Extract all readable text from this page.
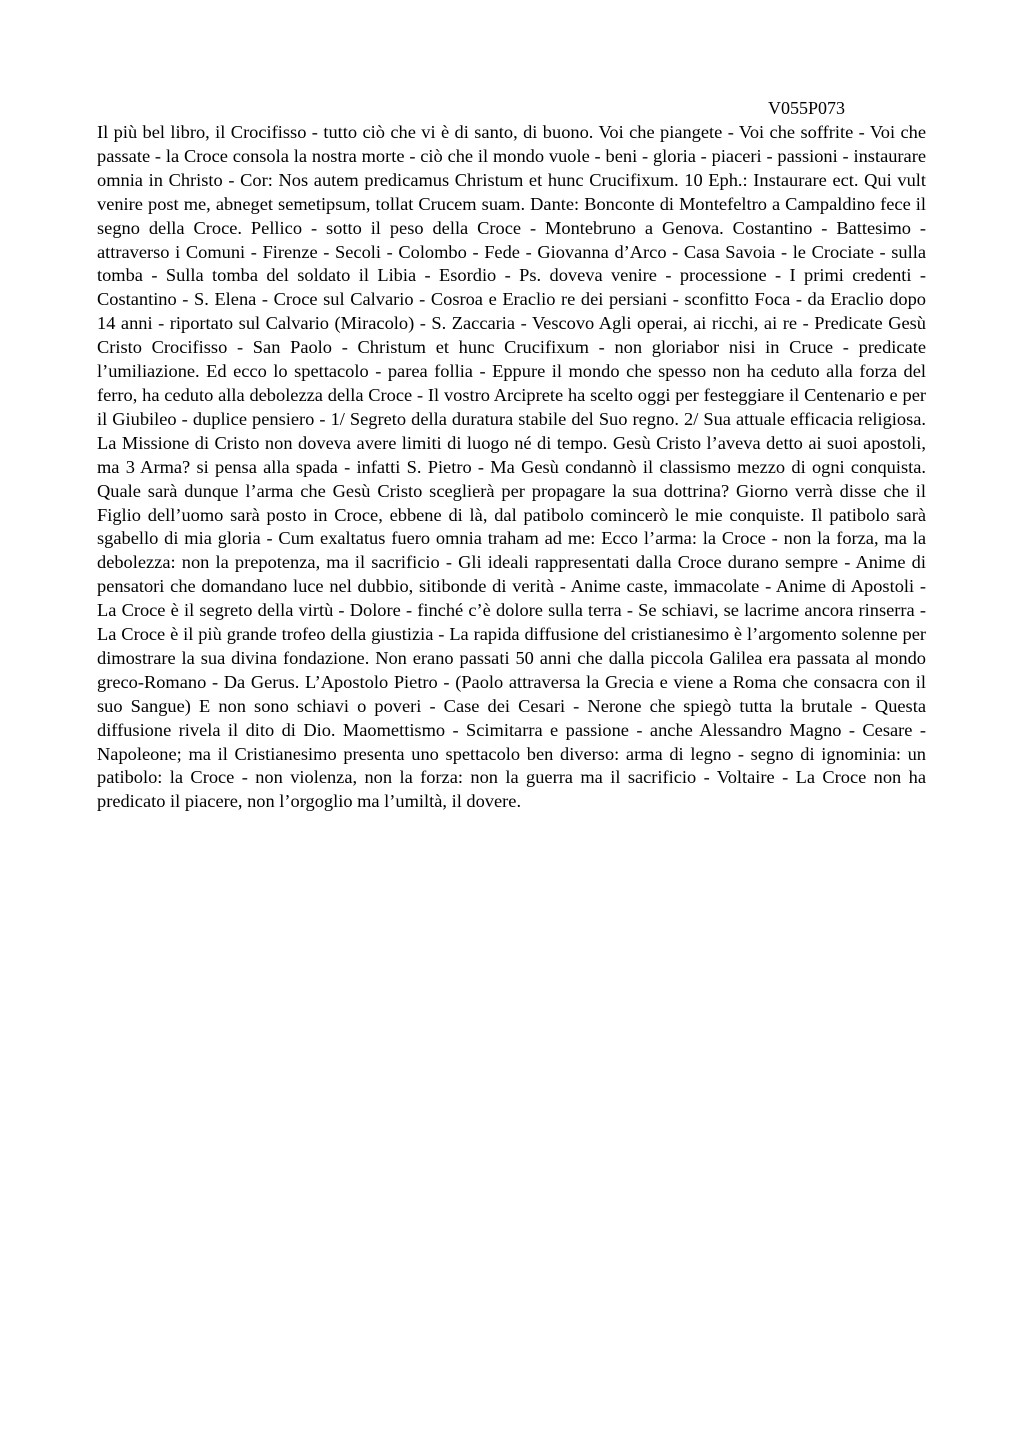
V055P073

Il più bel libro, il Crocifisso - tutto ciò che vi è di santo, di buono. Voi che piangete - Voi che soffrite - Voi che passate - la Croce consola la nostra morte - ciò che il mondo vuole - beni - gloria - piaceri - passioni - instaurare omnia in Christo - Cor: Nos autem predicamus Christum et hunc Crucifixum. 10 Eph.: Instaurare ect. Qui vult venire post me, abneget semetipsum, tollat Crucem suam. Dante: Bonconte di Montefeltro a Campaldino fece il segno della Croce. Pellico - sotto il peso della Croce - Montebruno a Genova. Costantino - Battesimo - attraverso i Comuni - Firenze - Secoli - Colombo - Fede - Giovanna d’Arco - Casa Savoia - le Crociate - sulla tomba - Sulla tomba del soldato il Libia - Esordio - Ps. doveva venire - processione - I primi credenti - Costantino - S. Elena - Croce sul Calvario - Cosroa e Eraclio re dei persiani - sconfitto Foca - da Eraclio dopo 14 anni - riportato sul Calvario (Miracolo) - S. Zaccaria - Vescovo Agli operai, ai ricchi, ai re - Predicate Gesù Cristo Crocifisso - San Paolo - Christum et hunc Crucifixum - non gloriabor nisi in Cruce - predicate l’umiliazione. Ed ecco lo spettacolo - parea follia - Eppure il mondo che spesso non ha ceduto alla forza del ferro, ha ceduto alla debolezza della Croce - Il vostro Arciprete ha scelto oggi per festeggiare il Centenario e per il Giubileo - duplice pensiero - 1/ Segreto della duratura stabile del Suo regno. 2/ Sua attuale efficacia religiosa. La Missione di Cristo non doveva avere limiti di luogo né di tempo. Gesù Cristo l’aveva detto ai suoi apostoli, ma 3 Arma? si pensa alla spada - infatti S. Pietro - Ma Gesù condannò il classismo mezzo di ogni conquista. Quale sarà dunque l’arma che Gesù Cristo sceglierà per propagare la sua dottrina? Giorno verrà disse che il Figlio dell’uomo sarà posto in Croce, ebbene di là, dal patibolo comincerò le mie conquiste. Il patibolo sarà sgabello di mia gloria - Cum exaltatus fuero omnia traham ad me: Ecco l’arma: la Croce - non la forza, ma la debolezza: non la prepotenza, ma il sacrificio - Gli ideali rappresentati dalla Croce durano sempre - Anime di pensatori che domandano luce nel dubbio, sitibonde di verità - Anime caste, immacolate - Anime di Apostoli - La Croce è il segreto della virtù - Dolore - finché c’è dolore sulla terra - Se schiavi, se lacrime ancora rinserra - La Croce è il più grande trofeo della giustizia - La rapida diffusione del cristianesimo è l’argomento solenne per dimostrare la sua divina fondazione. Non erano passati 50 anni che dalla piccola Galilea era passata al mondo greco-Romano - Da Gerus. L’Apostolo Pietro - (Paolo attraversa la Grecia e viene a Roma che consacra con il suo Sangue) E non sono schiavi o poveri - Case dei Cesari - Nerone che spiegò tutta la brutale - Questa diffusione rivela il dito di Dio. Maomettismo - Scimitarra e passione - anche Alessandro Magno - Cesare - Napoleone; ma il Cristianesimo presenta uno spettacolo ben diverso: arma di legno - segno di ignominia: un patibolo: la Croce - non violenza, non la forza: non la guerra ma il sacrificio - Voltaire - La Croce non ha predicato il piacere, non l’orgoglio ma l’umiltà, il dovere.
